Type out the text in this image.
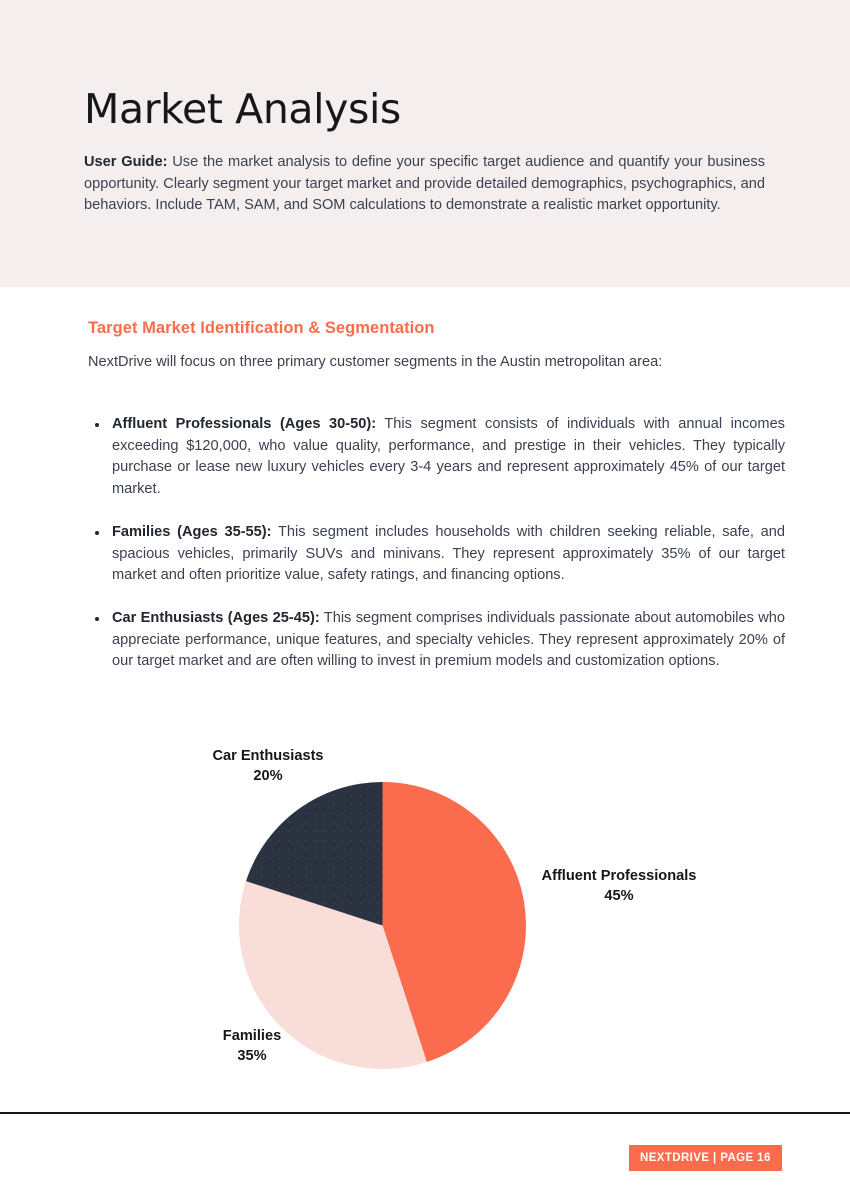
Market Analysis
User Guide: Use the market analysis to define your specific target audience and quantify your business opportunity. Clearly segment your target market and provide detailed demographics, psychographics, and behaviors. Include TAM, SAM, and SOM calculations to demonstrate a realistic market opportunity.
Target Market Identification & Segmentation
NextDrive will focus on three primary customer segments in the Austin metropolitan area:
Affluent Professionals (Ages 30-50): This segment consists of individuals with annual incomes exceeding $120,000, who value quality, performance, and prestige in their vehicles. They typically purchase or lease new luxury vehicles every 3-4 years and represent approximately 45% of our target market.
Families (Ages 35-55): This segment includes households with children seeking reliable, safe, and spacious vehicles, primarily SUVs and minivans. They represent approximately 35% of our target market and often prioritize value, safety ratings, and financing options.
Car Enthusiasts (Ages 25-45): This segment comprises individuals passionate about automobiles who appreciate performance, unique features, and specialty vehicles. They represent approximately 20% of our target market and are often willing to invest in premium models and customization options.
Car Enthusiasts
20%
Affluent Professionals
45%
Families
35%
NEXTDRIVE | PAGE 16
